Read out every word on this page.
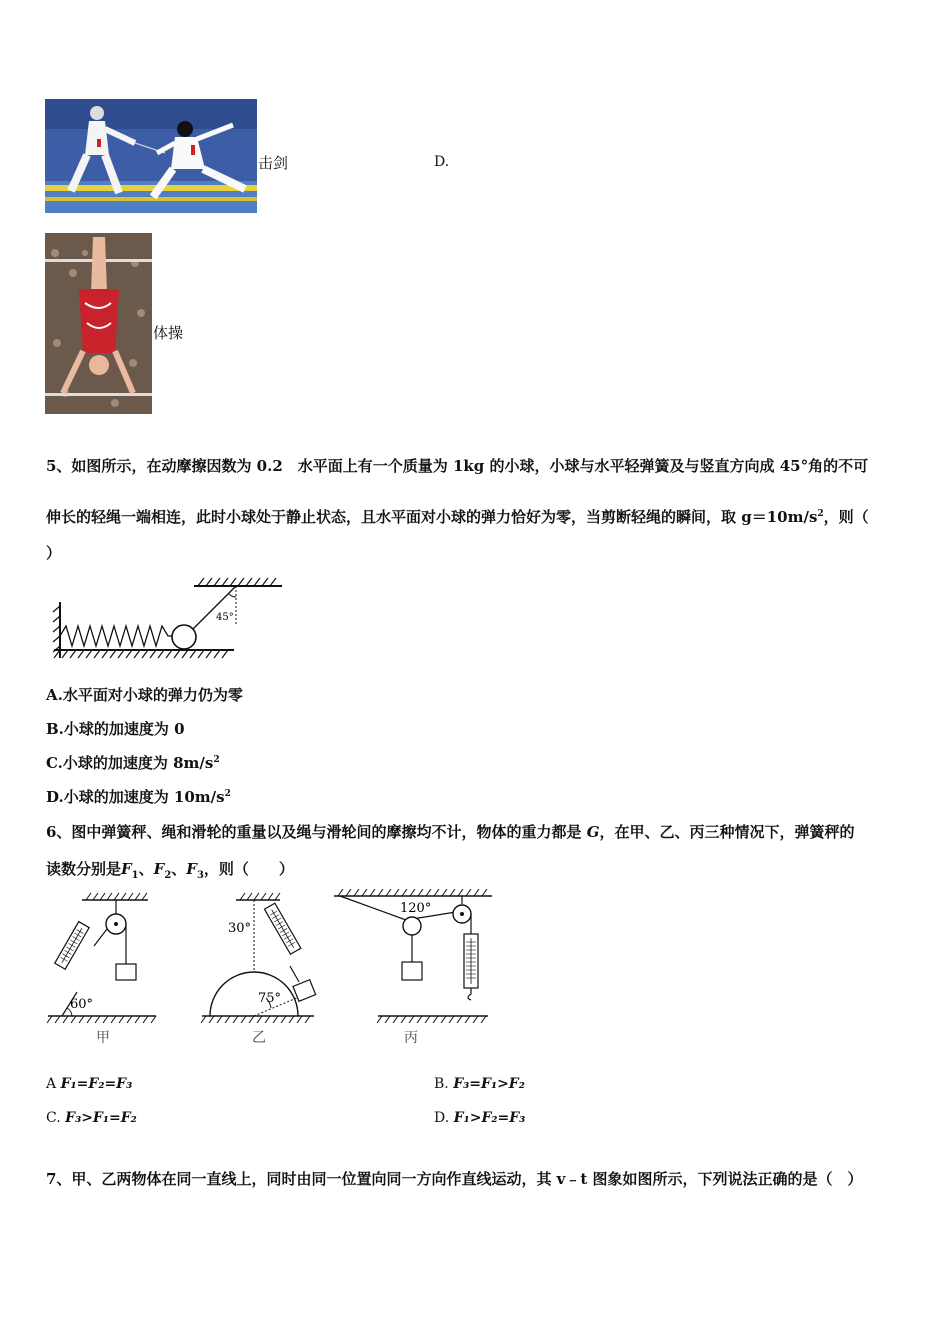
击剑	D.
体操
5、如图所示，在动摩擦因数为 0.2　水平面上有一个质量为 1kg 的小球，小球与水平轻弹簧及与竖直方向成 45°角的不可
伸长的轻绳一端相连，此时小球处于静止状态，且水平面对小球的弹力恰好为零，当剪断轻绳的瞬间，取 $g=10m/s^2$，则（
）
45°
A.水平面对小球的弹力仍为零
B.小球的加速度为 0
C.小球的加速度为 $8m/s^2$
D.小球的加速度为 $10m/s^2$
6、图中弹簧秤、绳和滑轮的重量以及绳与滑轮间的摩擦均不计，物体的重力都是 G，在甲、乙、丙三种情况下，弹簧秤的
读数分别是$F_1$、$F_2$、$F_3$，则（　　）
60°
甲
30°
75°
乙
120°
丙
A F₁=F₂=F₃	B. F₃=F₁>F₂
C. F₃>F₁=F₂	D. F₁>F₂=F₃
7、甲、乙两物体在同一直线上，同时由同一位置向同一方向作直线运动，其 v﹣t 图象如图所示，下列说法正确的是（　）
